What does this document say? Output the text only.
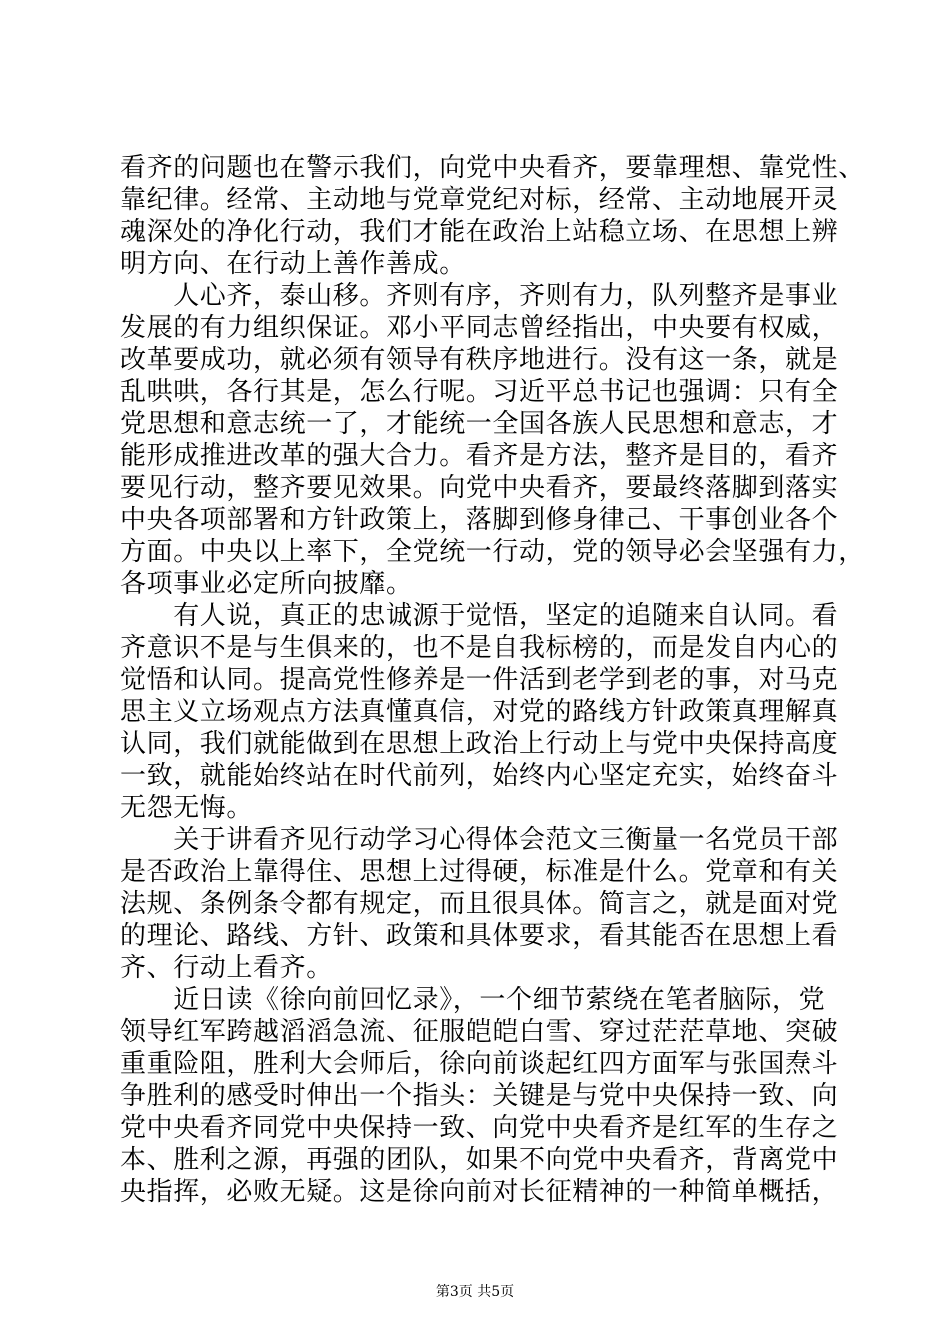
看齐的问题也在警示我们，向党中央看齐，要靠理想、靠党性、
靠纪律。经常、主动地与党章党纪对标，经常、主动地展开灵
魂深处的净化行动，我们才能在政治上站稳立场、在思想上辨
明方向、在行动上善作善成。
　　人心齐，泰山移。齐则有序，齐则有力，队列整齐是事业
发展的有力组织保证。邓小平同志曾经指出，中央要有权威，
改革要成功，就必须有领导有秩序地进行。没有这一条，就是
乱哄哄，各行其是，怎么行呢。习近平总书记也强调：只有全
党思想和意志统一了，才能统一全国各族人民思想和意志，才
能形成推进改革的强大合力。看齐是方法，整齐是目的，看齐
要见行动，整齐要见效果。向党中央看齐，要最终落脚到落实
中央各项部署和方针政策上，落脚到修身律己、干事创业各个
方面。中央以上率下，全党统一行动，党的领导必会坚强有力，
各项事业必定所向披靡。
　　有人说，真正的忠诚源于觉悟，坚定的追随来自认同。看
齐意识不是与生俱来的，也不是自我标榜的，而是发自内心的
觉悟和认同。提高党性修养是一件活到老学到老的事，对马克
思主义立场观点方法真懂真信，对党的路线方针政策真理解真
认同，我们就能做到在思想上政治上行动上与党中央保持高度
一致，就能始终站在时代前列，始终内心坚定充实，始终奋斗
无怨无悔。
　　关于讲看齐见行动学习心得体会范文三衡量一名党员干部
是否政治上靠得住、思想上过得硬，标准是什么。党章和有关
法规、条例条令都有规定，而且很具体。简言之，就是面对党
的理论、路线、方针、政策和具体要求，看其能否在思想上看
齐、行动上看齐。
　　近日读《徐向前回忆录》，一个细节萦绕在笔者脑际，党
领导红军跨越滔滔急流、征服皑皑白雪、穿过茫茫草地、突破
重重险阻，胜利大会师后，徐向前谈起红四方面军与张国焘斗
争胜利的感受时伸出一个指头：关键是与党中央保持一致、向
党中央看齐同党中央保持一致、向党中央看齐是红军的生存之
本、胜利之源，再强的团队，如果不向党中央看齐，背离党中
央指挥，必败无疑。这是徐向前对长征精神的一种简单概括，
第3页 共5页
